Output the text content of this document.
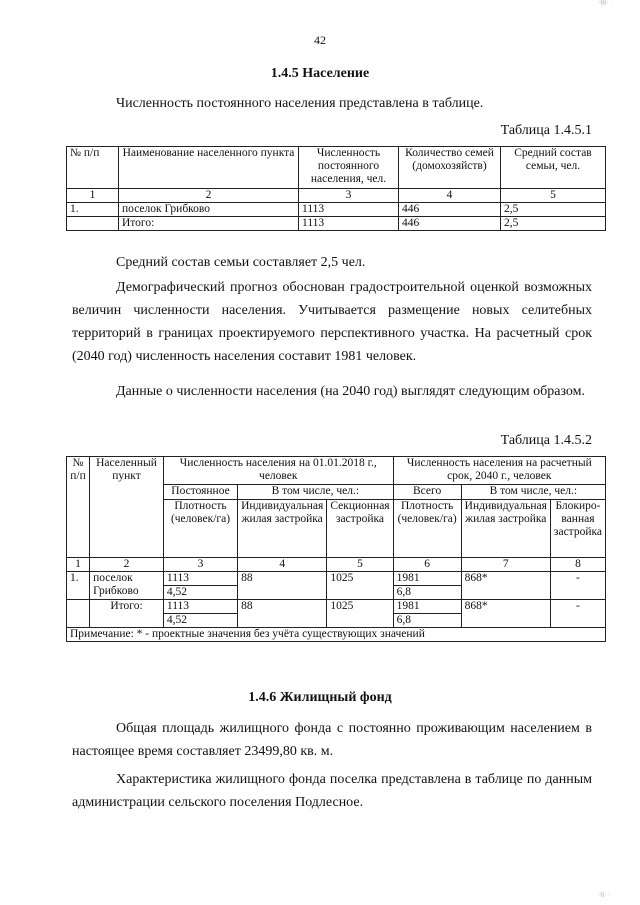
·(((· ·
42
1.4.5 Население
Численность постоянного населения представлена в таблице.
Таблица 1.4.5.1
№ п/п	Наименование населенного пункта	Численность постоянного населения, чел.	Количество семей (домохозяйств)	Средний состав семьи, чел.
1	2	3	4	5
1.	поселок Грибково	1113	446	2,5
	Итого:	1113	446	2,5
Средний состав семьи составляет 2,5 чел.
Демографический прогноз обоснован градостроительной оценкой возможных величин численности населения. Учитывается размещение новых селитебных территорий в границах проектируемого перспективного участка. На расчетный срок (2040 год) численность населения составит 1981 человек.
Данные о численности населения (на 2040 год) выглядят следующим образом.
Таблица 1.4.5.2
№ п/п	Населенный пункт	Численность населения на 01.01.2018 г., человек			Численность населения на расчетный срок, 2040 г., человек		
		Постоянное	В том числе, чел.:		Всего	В том числе, чел.:	
		Плотность (человек/га)	Индивидуальная жилая застройка	Секционная застройка	Плотность (человек/га)	Индивидуальная жилая застройка	Блокиро-ванная застройка
1	2	3	4	5	6	7	8
1.	поселок Грибково	1113	88	1025	1981	868*	-
		4,52			6,8		
	Итого:	1113	88	1025	1981	868*	-
		4,52			6,8		
Примечание: * - проектные значения без учёта существующих значений							
1.4.6 Жилищный фонд
Общая площадь жилищного фонда с постоянно проживающим населением в настоящее время составляет 23499,80 кв. м.
Характеристика жилищного фонда поселка представлена в таблице по данным администрации сельского поселения Подлесное.
·((· ·
